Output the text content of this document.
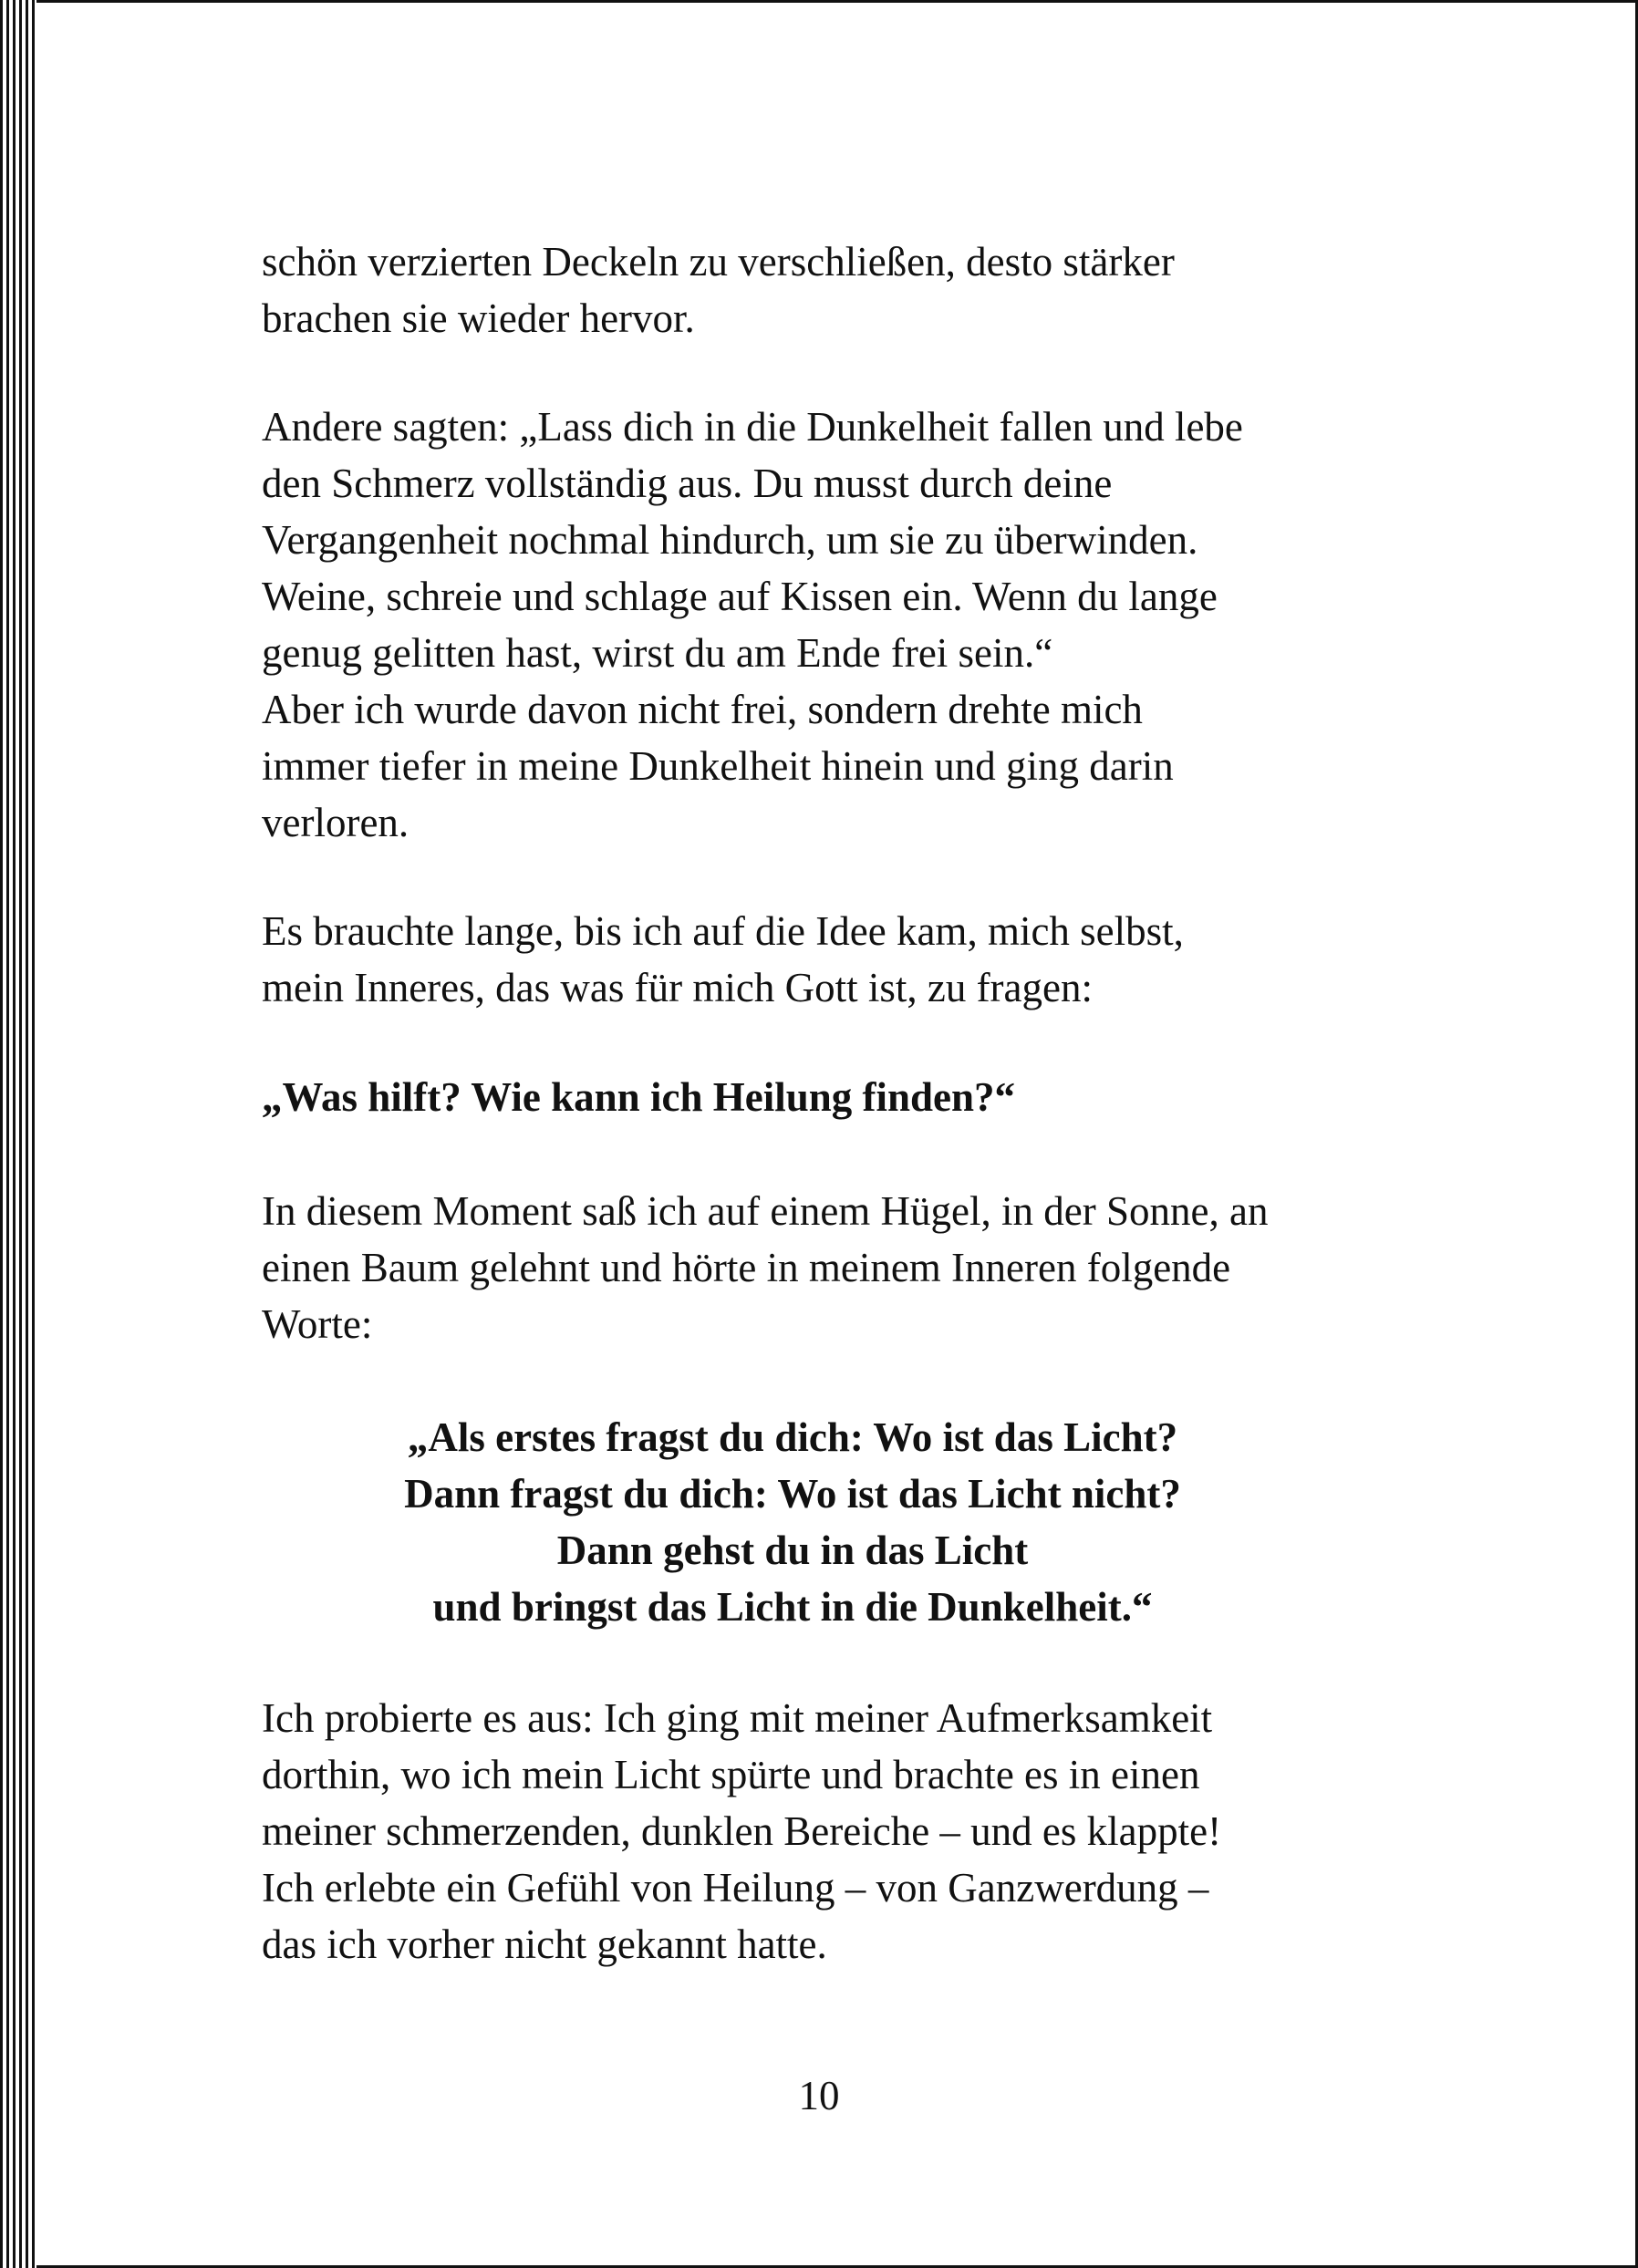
schön verzierten Deckeln zu verschließen, desto stärker

brachen sie wieder hervor.

Andere sagten: „Lass dich in die Dunkelheit fallen und lebe

den Schmerz vollständig aus. Du musst durch deine

Vergangenheit nochmal hindurch, um sie zu überwinden.

Weine, schreie und schlage auf Kissen ein. Wenn du lange

genug gelitten hast, wirst du am Ende frei sein.“

Aber ich wurde davon nicht frei, sondern drehte mich

immer tiefer in meine Dunkelheit hinein und ging darin

verloren.

Es brauchte lange, bis ich auf die Idee kam, mich selbst,

mein Inneres, das was für mich Gott ist, zu fragen:

„Was hilft? Wie kann ich Heilung finden?“

In diesem Moment saß ich auf einem Hügel, in der Sonne, an

einen Baum gelehnt und hörte in meinem Inneren folgende

Worte:

„Als erstes fragst du dich: Wo ist das Licht?

Dann fragst du dich: Wo ist das Licht nicht?

Dann gehst du in das Licht

und bringst das Licht in die Dunkelheit.“

Ich probierte es aus: Ich ging mit meiner Aufmerksamkeit

dorthin, wo ich mein Licht spürte und brachte es in einen

meiner schmerzenden, dunklen Bereiche – und es klappte!

Ich erlebte ein Gefühl von Heilung – von Ganzwerdung –

das ich vorher nicht gekannt hatte.

10
